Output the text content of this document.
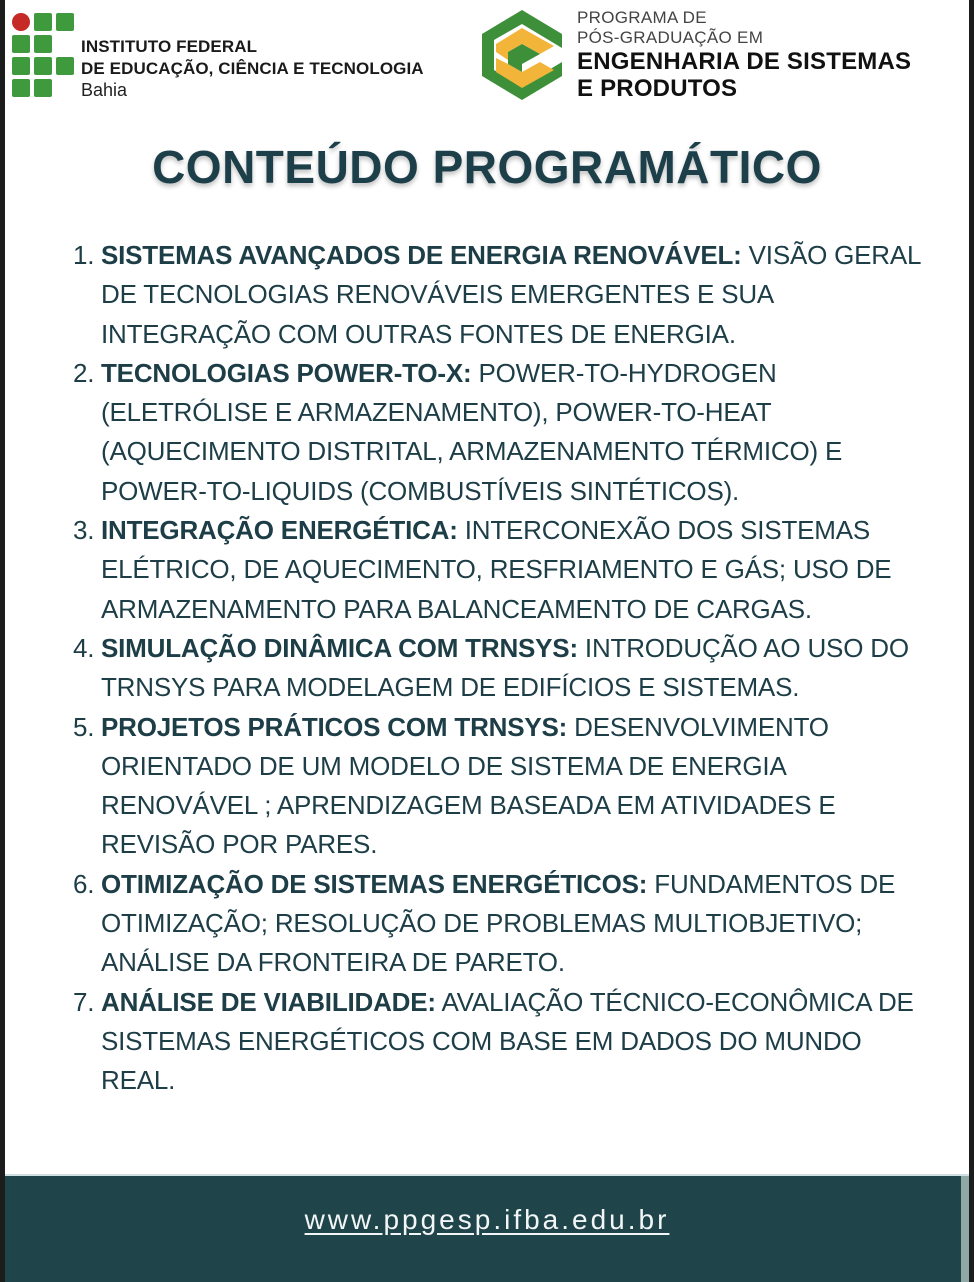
INSTITUTO FEDERAL
DE EDUCAÇÃO, CIÊNCIA E TECNOLOGIA
Bahia
PROGRAMA DE
PÓS-GRADUAÇÃO EM
ENGENHARIA DE SISTEMAS
E PRODUTOS
CONTEÚDO PROGRAMÁTICO
1. SISTEMAS AVANÇADOS DE ENERGIA RENOVÁVEL: VISÃO GERAL DE TECNOLOGIAS RENOVÁVEIS EMERGENTES E SUA INTEGRAÇÃO COM OUTRAS FONTES DE ENERGIA.
2. TECNOLOGIAS POWER-TO-X: POWER-TO-HYDROGEN (ELETRÓLISE E ARMAZENAMENTO), POWER-TO-HEAT (AQUECIMENTO DISTRITAL, ARMAZENAMENTO TÉRMICO) E POWER-TO-LIQUIDS (COMBUSTÍVEIS SINTÉTICOS).
3. INTEGRAÇÃO ENERGÉTICA: INTERCONEXÃO DOS SISTEMAS ELÉTRICO, DE AQUECIMENTO, RESFRIAMENTO E GÁS; USO DE ARMAZENAMENTO PARA BALANCEAMENTO DE CARGAS.
4. SIMULAÇÃO DINÂMICA COM TRNSYS: INTRODUÇÃO AO USO DO TRNSYS PARA MODELAGEM DE EDIFÍCIOS E SISTEMAS.
5. PROJETOS PRÁTICOS COM TRNSYS: DESENVOLVIMENTO ORIENTADO DE UM MODELO DE SISTEMA DE ENERGIA RENOVÁVEL ; APRENDIZAGEM BASEADA EM ATIVIDADES E REVISÃO POR PARES.
6. OTIMIZAÇÃO DE SISTEMAS ENERGÉTICOS: FUNDAMENTOS DE OTIMIZAÇÃO; RESOLUÇÃO DE PROBLEMAS MULTIOBJETIVO; ANÁLISE DA FRONTEIRA DE PARETO.
7. ANÁLISE DE VIABILIDADE: AVALIAÇÃO TÉCNICO-ECONÔMICA DE SISTEMAS ENERGÉTICOS COM BASE EM DADOS DO MUNDO REAL.
www.ppgesp.ifba.edu.br
